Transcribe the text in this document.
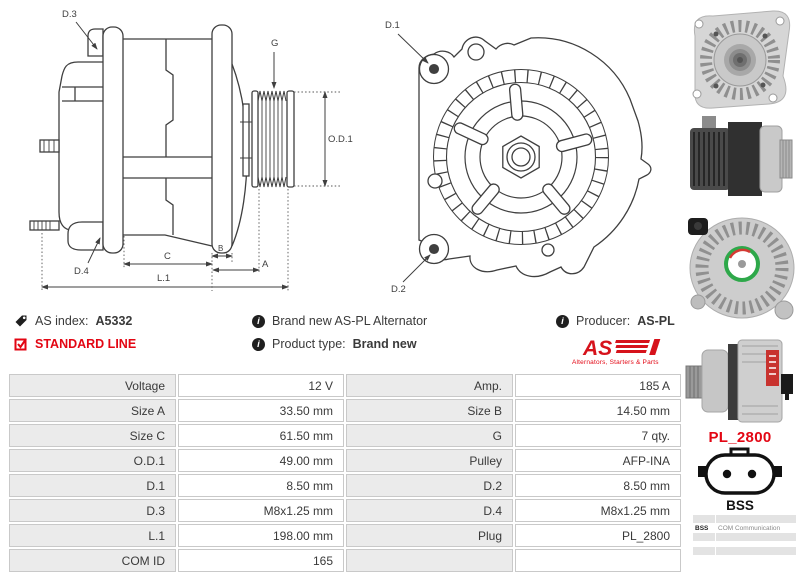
D.3
G
O.D.1
D.4
C
B
A
L.1
D.1
D.2
AS index: A5332
STANDARD LINE
i Brand new AS-PL Alternator
i Product type: Brand new
i Producer: AS-PL
AS
Alternators, Starters & Parts
Voltage	12 V	Amp.	185 A
Size A	33.50 mm	Size B	14.50 mm
Size C	61.50 mm	G	7 qty.
O.D.1	49.00 mm	Pulley	AFP-INA
D.1	8.50 mm	D.2	8.50 mm
D.3	M8x1.25 mm	D.4	M8x1.25 mm
L.1	198.00 mm	Plug	PL_2800
COM ID	165		
PL_2800
BSS

BSS	COM Communication
